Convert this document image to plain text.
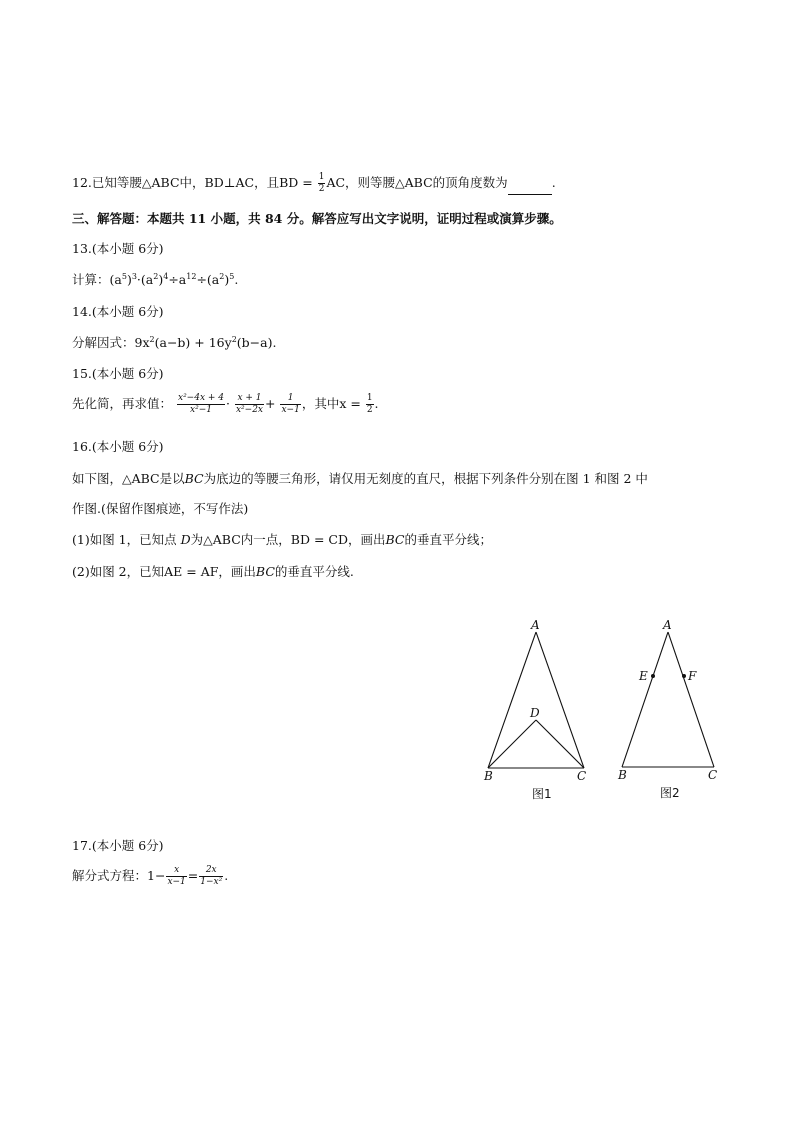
12.已知等腰△ABC中，BD⊥AC，且BD = $\frac{1}{2}$ AC，则等腰△ABC的顶角度数为	.
三、解答题：本题共 11 小题，共 84 分。解答应写出文字说明，证明过程或演算步骤。
13.(本小题 6分)
计算：$(a^5)^3\cdot(a^2)^4\div a^{12}\div(a^2)^5$.
14.(本小题 6分)
分解因式：$9x^2(a-b) + 16y^2(b-a)$.
15.(本小题 6分)
先化简，再求值： $\frac{\text{x²−4x + 4}}{\text{x²−1}} \cdot \frac{x + 1}{\text{x²−2x}} + \frac{1}{x-1}$ ，其中$x = \frac{1}{2}$ .
16.(本小题 6分)
如下图，△ABC是以BC为底边的等腰三角形，请仅用无刻度的直尺，根据下列条件分别在图 1 和图 2 中
作图.(保留作图痕迹，不写作法)
(1)如图 1，已知点 D为△ABC内一点，BD = CD，画出BC的垂直平分线；
(2)如图 2，已知AE = AF，画出BC的垂直平分线.
A
B	C
D
图1
A
E	F
B	C
图2
17.(本小题 6分)
解分式方程：$1- \frac{x}{x-1} = \frac{2x}{\text{1−x²}}$ .
